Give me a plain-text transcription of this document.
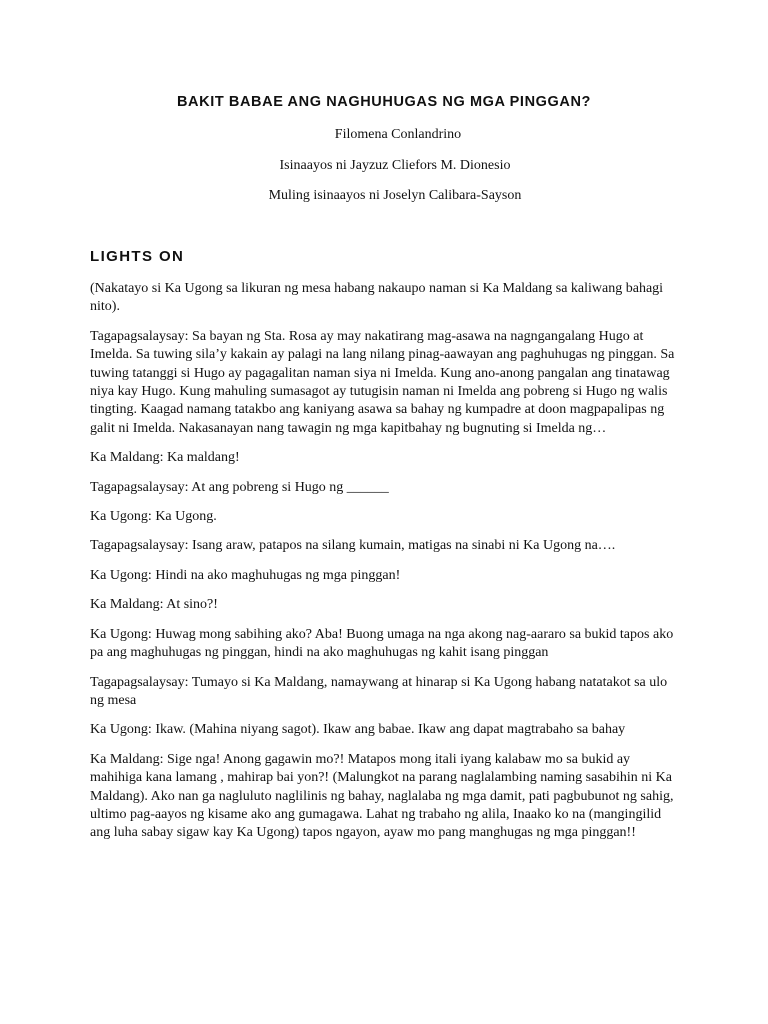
BAKIT BABAE ANG NAGHUHUGAS NG MGA PINGGAN?
Filomena Conlandrino
Isinaayos ni Jayzuz Cliefors M. Dionesio
Muling isinaayos ni Joselyn Calibara-Sayson
LIGHTS ON

(Nakatayo si Ka Ugong sa likuran ng mesa habang nakaupo naman si Ka Maldang sa kaliwang bahagi nito).

Tagapagsalaysay: Sa bayan ng Sta. Rosa ay may nakatirang mag-asawa na nagngangalang Hugo at Imelda. Sa tuwing sila’y kakain ay palagi na lang nilang pinag-aawayan ang paghuhugas ng pinggan. Sa tuwing tatanggi si Hugo ay pagagalitan naman siya ni Imelda. Kung ano-anong pangalan ang tinatawag niya kay Hugo. Kung mahuling sumasagot ay tutugisin naman ni Imelda ang pobreng si Hugo ng walis tingting. Kaagad namang tatakbo ang kaniyang asawa sa bahay ng kumpadre at doon magpapalipas ng galit ni Imelda. Nakasanayan nang tawagin ng mga kapitbahay ng bugnuting si Imelda ng…

Ka Maldang: Ka maldang!

Tagapagsalaysay: At ang pobreng si Hugo ng ______

Ka Ugong: Ka Ugong.

Tagapagsalaysay: Isang araw, patapos na silang kumain, matigas na sinabi ni Ka Ugong na….

Ka Ugong: Hindi na ako maghuhugas ng mga pinggan!

Ka Maldang: At sino?!

Ka Ugong: Huwag mong sabihing ako? Aba! Buong umaga na nga akong nag-aararo sa bukid tapos ako pa ang maghuhugas ng pinggan, hindi na ako maghuhugas ng kahit isang pinggan

Tagapagsalaysay: Tumayo si Ka Maldang, namaywang at hinarap si Ka Ugong habang natatakot sa ulo ng mesa

Ka Ugong: Ikaw. (Mahina niyang sagot). Ikaw ang babae. Ikaw ang dapat magtrabaho sa bahay

Ka Maldang: Sige nga! Anong gagawin mo?! Matapos mong itali iyang kalabaw mo sa bukid ay mahihiga kana lamang , mahirap bai yon?! (Malungkot na parang naglalambing naming sasabihin ni Ka Maldang). Ako nan ga nagluluto naglilinis ng bahay, naglalaba ng mga damit, pati pagbubunot ng sahig, ultimo pag-aayos ng kisame ako ang gumagawa. Lahat ng trabaho ng alila, Inaako ko na (mangingilid ang luha sabay sigaw kay Ka Ugong) tapos ngayon, ayaw mo pang manghugas ng mga pinggan!!
